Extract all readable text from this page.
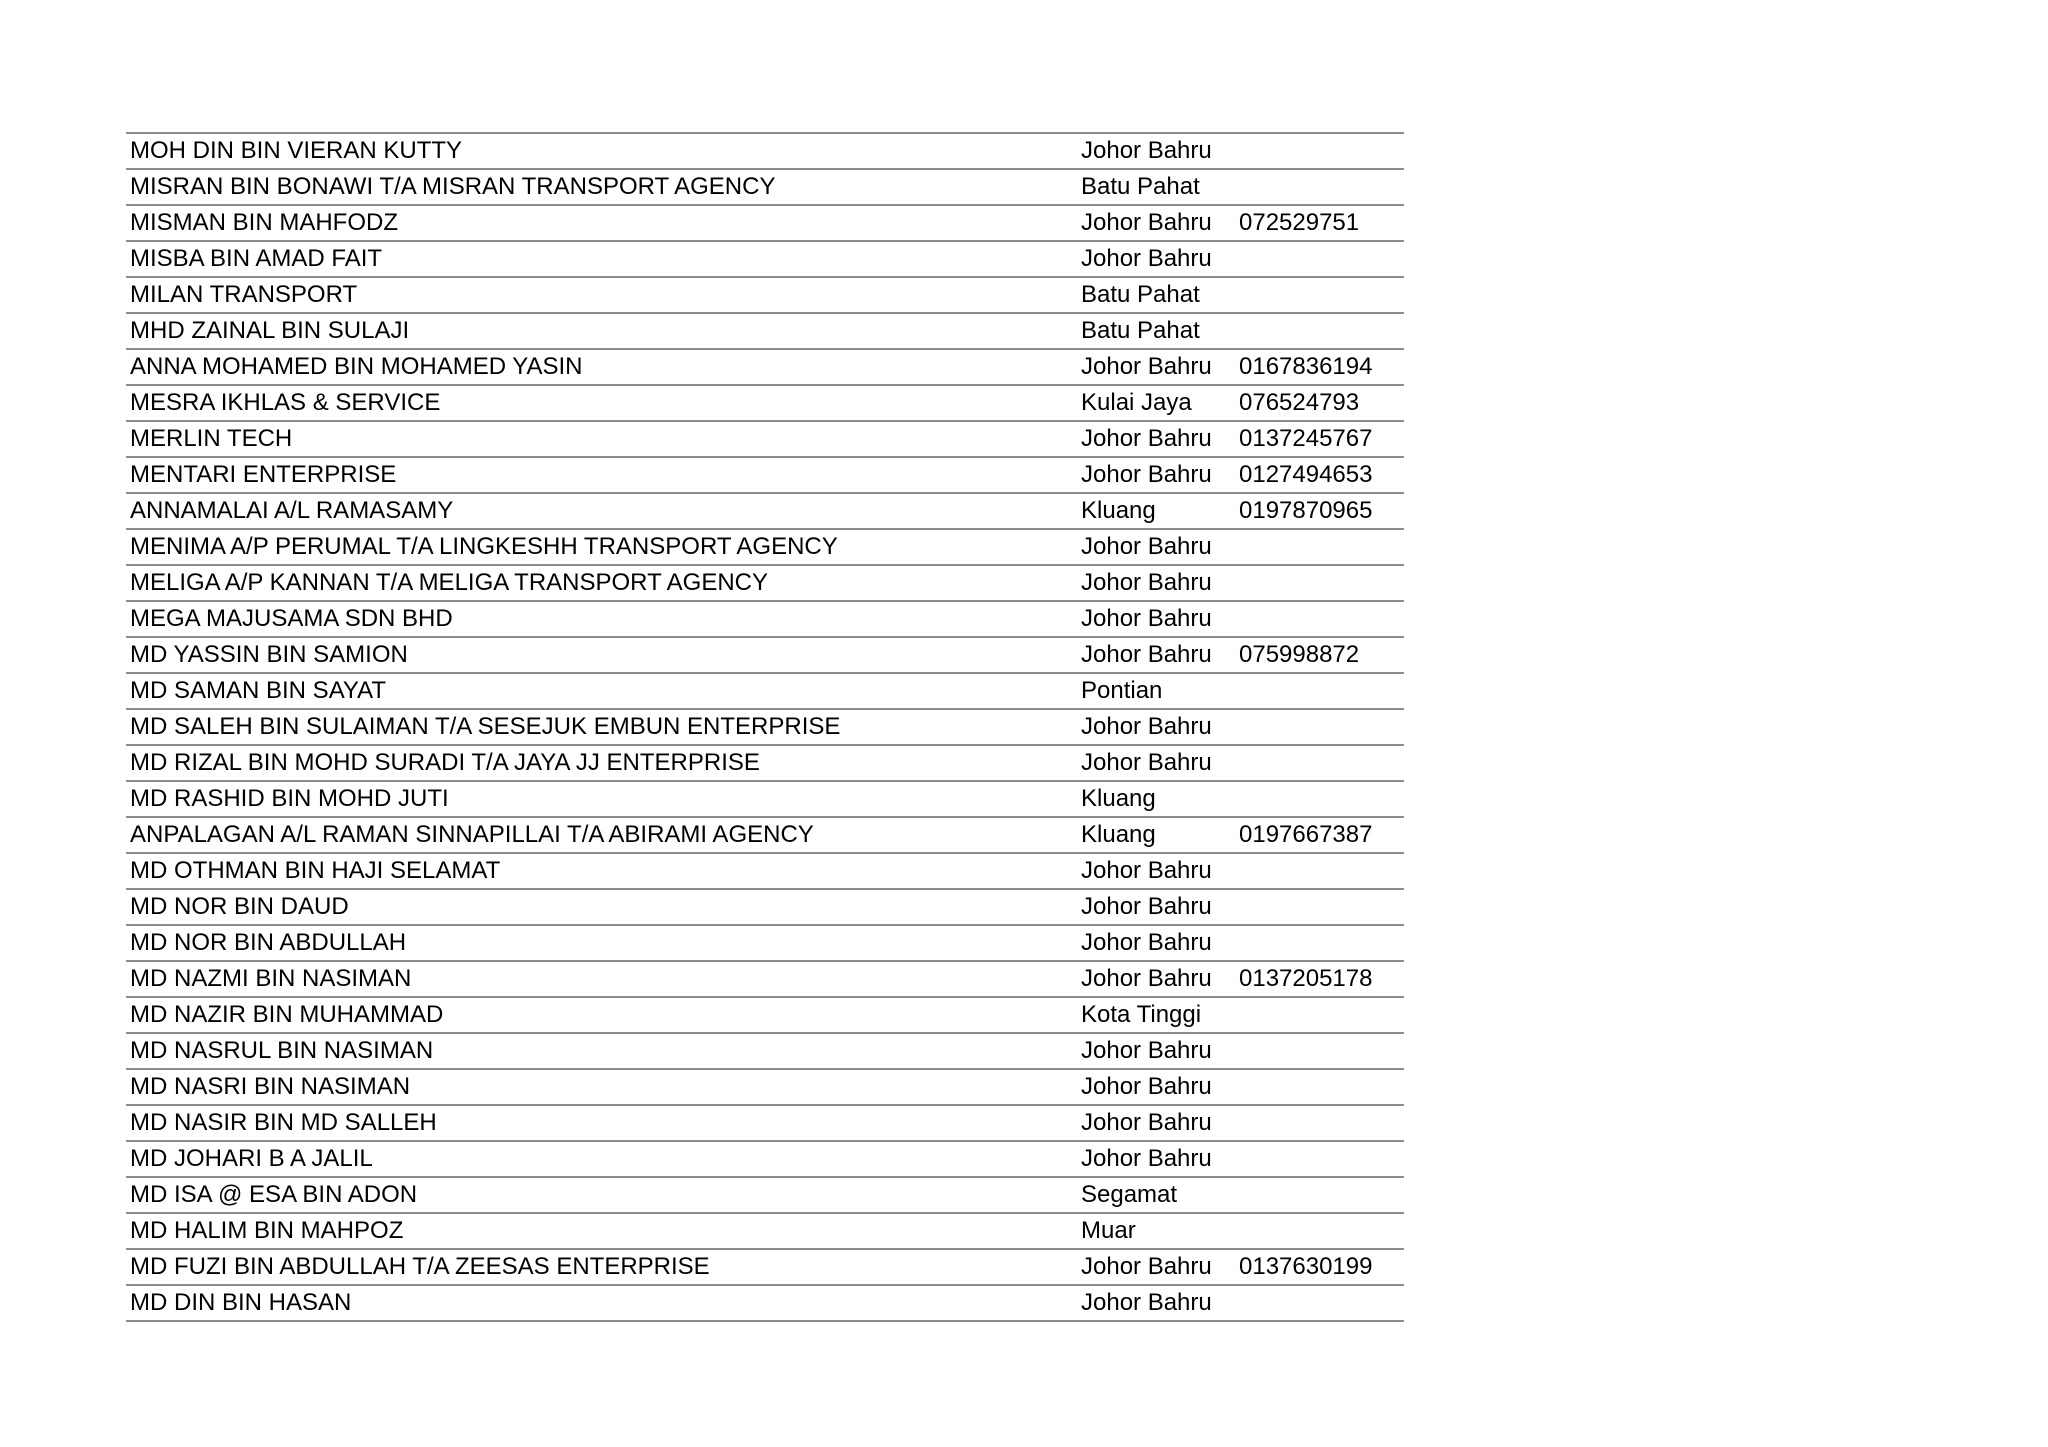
MOH DIN BIN VIERAN KUTTY	Johor Bahru
MISRAN BIN BONAWI T/A MISRAN TRANSPORT AGENCY	Batu Pahat
MISMAN BIN MAHFODZ	Johor Bahru	072529751
MISBA BIN AMAD FAIT	Johor Bahru
MILAN TRANSPORT	Batu Pahat
MHD ZAINAL BIN SULAJI	Batu Pahat
ANNA MOHAMED BIN MOHAMED YASIN	Johor Bahru	0167836194
MESRA IKHLAS & SERVICE	Kulai Jaya	076524793
MERLIN TECH	Johor Bahru	0137245767
MENTARI ENTERPRISE	Johor Bahru	0127494653
ANNAMALAI A/L RAMASAMY	Kluang	0197870965
MENIMA A/P PERUMAL T/A LINGKESHH TRANSPORT AGENCY	Johor Bahru
MELIGA A/P KANNAN T/A MELIGA TRANSPORT AGENCY	Johor Bahru
MEGA MAJUSAMA SDN BHD	Johor Bahru
MD YASSIN BIN SAMION	Johor Bahru	075998872
MD SAMAN BIN SAYAT	Pontian
MD SALEH BIN SULAIMAN T/A SESEJUK EMBUN ENTERPRISE	Johor Bahru
MD RIZAL BIN MOHD SURADI T/A JAYA JJ ENTERPRISE	Johor Bahru
MD RASHID BIN MOHD JUTI	Kluang
ANPALAGAN A/L RAMAN SINNAPILLAI T/A ABIRAMI AGENCY	Kluang	0197667387
MD OTHMAN BIN HAJI SELAMAT	Johor Bahru
MD NOR BIN DAUD	Johor Bahru
MD NOR BIN ABDULLAH	Johor Bahru
MD NAZMI BIN NASIMAN	Johor Bahru	0137205178
MD NAZIR BIN MUHAMMAD	Kota Tinggi
MD NASRUL BIN NASIMAN	Johor Bahru
MD NASRI BIN NASIMAN	Johor Bahru
MD NASIR BIN MD SALLEH	Johor Bahru
MD JOHARI B A JALIL	Johor Bahru
MD ISA @ ESA BIN ADON	Segamat
MD HALIM BIN MAHPOZ	Muar
MD FUZI BIN ABDULLAH T/A ZEESAS ENTERPRISE	Johor Bahru	0137630199
MD DIN BIN HASAN	Johor Bahru
